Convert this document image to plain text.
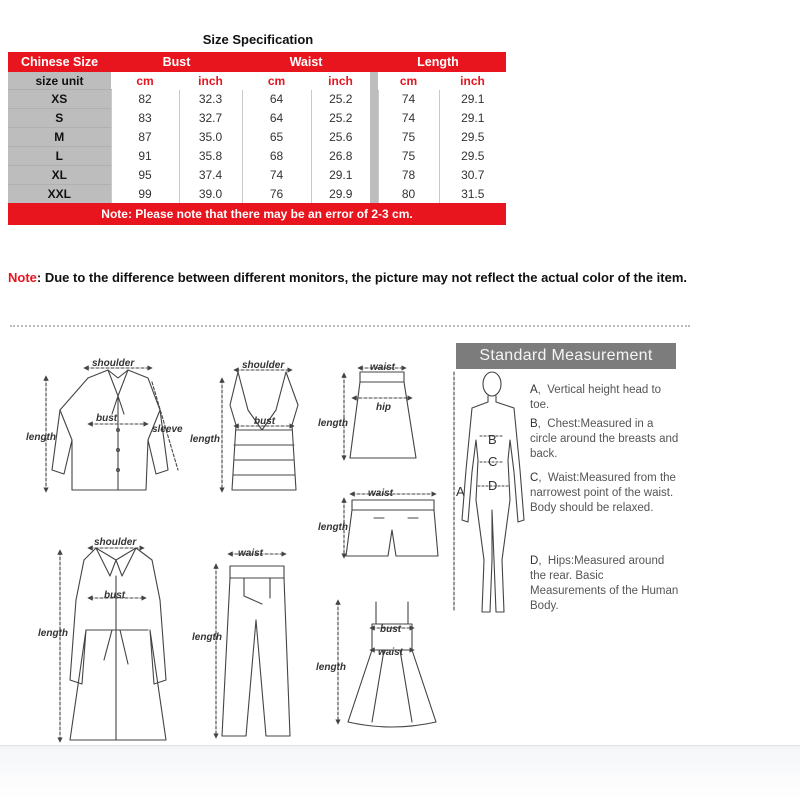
Size Specification
Chinese Size	Bust		Waist		Length		
size unit	cm	inch	cm	inch		cm	inch
XS	82	32.3	64	25.2		74	29.1
S	83	32.7	64	25.2		74	29.1
M	87	35.0	65	25.6		75	29.5
L	91	35.8	68	26.8		75	29.5
XL	95	37.4	74	29.1		78	30.7
XXL	99	39.0	76	29.9		80	31.5
Note: Please note that there may be an error of 2-3 cm.							
Note: Due to the difference between different monitors, the picture may not reflect the actual color of the item.
shoulder
bust
sleeve
length
shoulder
bust
length
waist
hip
length
waist
length
shoulder
bust
length
waist
length
bust
waist
length
A
B
C
D
Standard Measurement
A,  Vertical height head to toe.
B,  Chest:Measured in a circle around the breasts and back.
C,  Waist:Measured from the narrowest point of the waist. Body should be relaxed.
D,  Hips:Measured around the rear. Basic Measurements of the Human Body.
